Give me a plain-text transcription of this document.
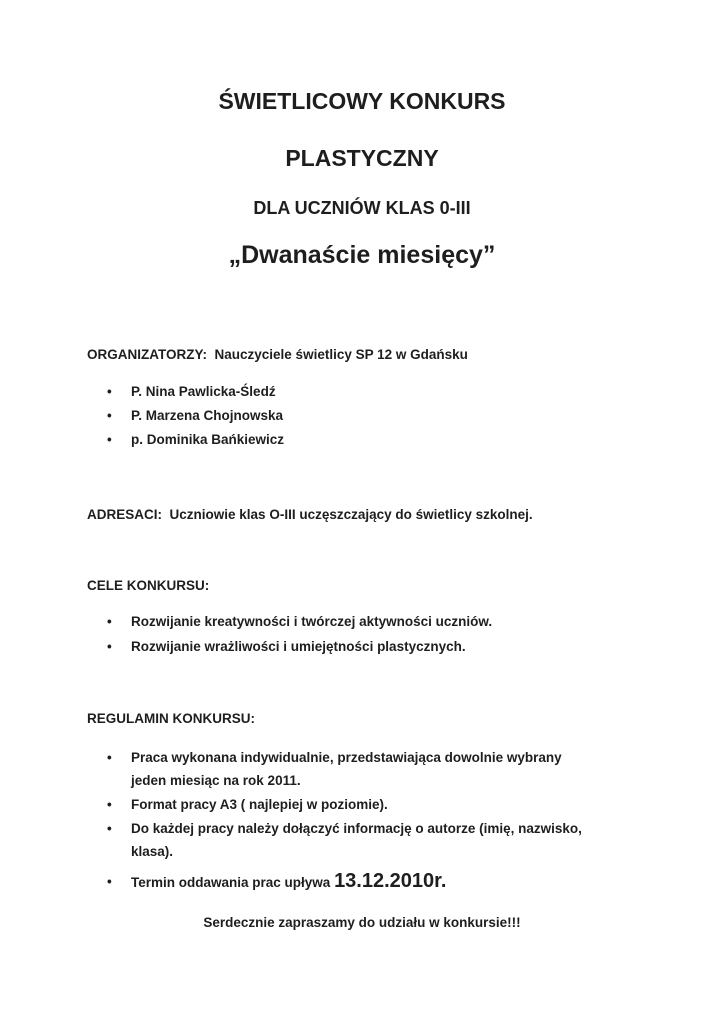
ŚWIETLICOWY KONKURS
PLASTYCZNY
DLA UCZNIÓW KLAS 0-III
„Dwanaście miesięcy”

ORGANIZATORZY: Nauczyciele świetlicy SP 12 w Gdańsku

• P. Nina Pawlicka-Śledź
• P. Marzena Chojnowska
• p. Dominika Bańkiewicz

ADRESACI: Uczniowie klas O-III uczęszczający do świetlicy szkolnej.

CELE KONKURSU:

• Rozwijanie kreatywności i twórczej aktywności uczniów.
• Rozwijanie wrażliwości i umiejętności plastycznych.

REGULAMIN KONKURSU:

• Praca wykonana indywidualnie, przedstawiająca dowolnie wybrany
jeden miesiąc na rok 2011.
• Format pracy A3 ( najlepiej w poziomie).
• Do każdej pracy należy dołączyć informację o autorze (imię, nazwisko,
klasa).
• Termin oddawania prac upływa 13.12.2010r.

Serdecznie zapraszamy do udziału w konkursie!!!
